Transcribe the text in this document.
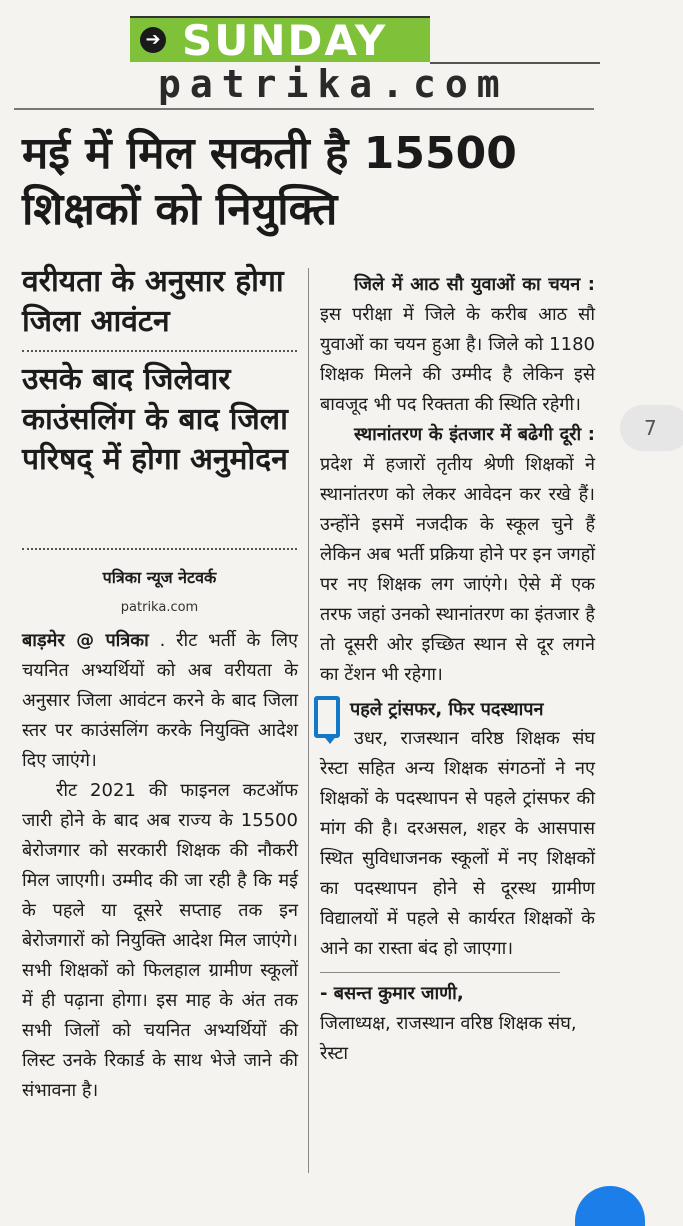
➔ SUNDAY
patrika.com
मई में मिल सकती है 15500 शिक्षकों को नियुक्ति
वरीयता के अनुसार होगा जिला आवंटन
उसके बाद जिलेवार काउंसलिंग के बाद जिला परिषद् में होगा अनुमोदन
पत्रिका न्यूज नेटवर्क
patrika.com

बाड़मेर @ पत्रिका . रीट भर्ती के लिए चयनित अभ्यर्थियों को अब वरीयता के अनुसार जिला आवंटन करने के बाद जिला स्तर पर काउंसलिंग करके नियुक्ति आदेश दिए जाएंगे।

रीट 2021 की फाइनल कटऑफ जारी होने के बाद अब राज्य के 15500 बेरोजगार को सरकारी शिक्षक की नौकरी मिल जाएगी। उम्मीद की जा रही है कि मई के पहले या दूसरे सप्ताह तक इन बेरोजगारों को नियुक्ति आदेश मिल जाएंगे। सभी शिक्षकों को फिलहाल ग्रामीण स्कूलों में ही पढ़ाना होगा। इस माह के अंत तक सभी जिलों को चयनित अभ्यर्थियों की लिस्ट उनके रिकार्ड के साथ भेजे जाने की संभावना है।

जिले में आठ सौ युवाओं का चयन : इस परीक्षा में जिले के करीब आठ सौ युवाओं का चयन हुआ है। जिले को 1180 शिक्षक मिलने की उम्मीद है लेकिन इसे बावजूद भी पद रिक्तता की स्थिति रहेगी।

स्थानांतरण के इंतजार में बढेगी दूरी : प्रदेश में हजारों तृतीय श्रेणी शिक्षकों ने स्थानांतरण को लेकर आवेदन कर रखे हैं। उन्होंने इसमें नजदीक के स्कूल चुने हैं लेकिन अब भर्ती प्रक्रिया होने पर इन जगहों पर नए शिक्षक लग जाएंगे। ऐसे में एक तरफ जहां उनको स्थानांतरण का इंतजार है तो दूसरी ओर इच्छित स्थान से दूर लगने का टेंशन भी रहेगा।

पहले ट्रांसफर, फिर पदस्थापन

उधर, राजस्थान वरिष्ठ शिक्षक संघ रेस्टा सहित अन्य शिक्षक संगठनों ने नए शिक्षकों के पदस्थापन से पहले ट्रांसफर की मांग की है। दरअसल, शहर के आसपास स्थित सुविधाजनक स्कूलों में नए शिक्षकों का पदस्थापन होने से दूरस्थ ग्रामीण विद्यालयों में पहले से कार्यरत शिक्षकों के आने का रास्ता बंद हो जाएगा।

- बसन्त कुमार जाणी,

जिलाध्यक्ष, राजस्थान वरिष्ठ शिक्षक संघ, रेस्टा

7
